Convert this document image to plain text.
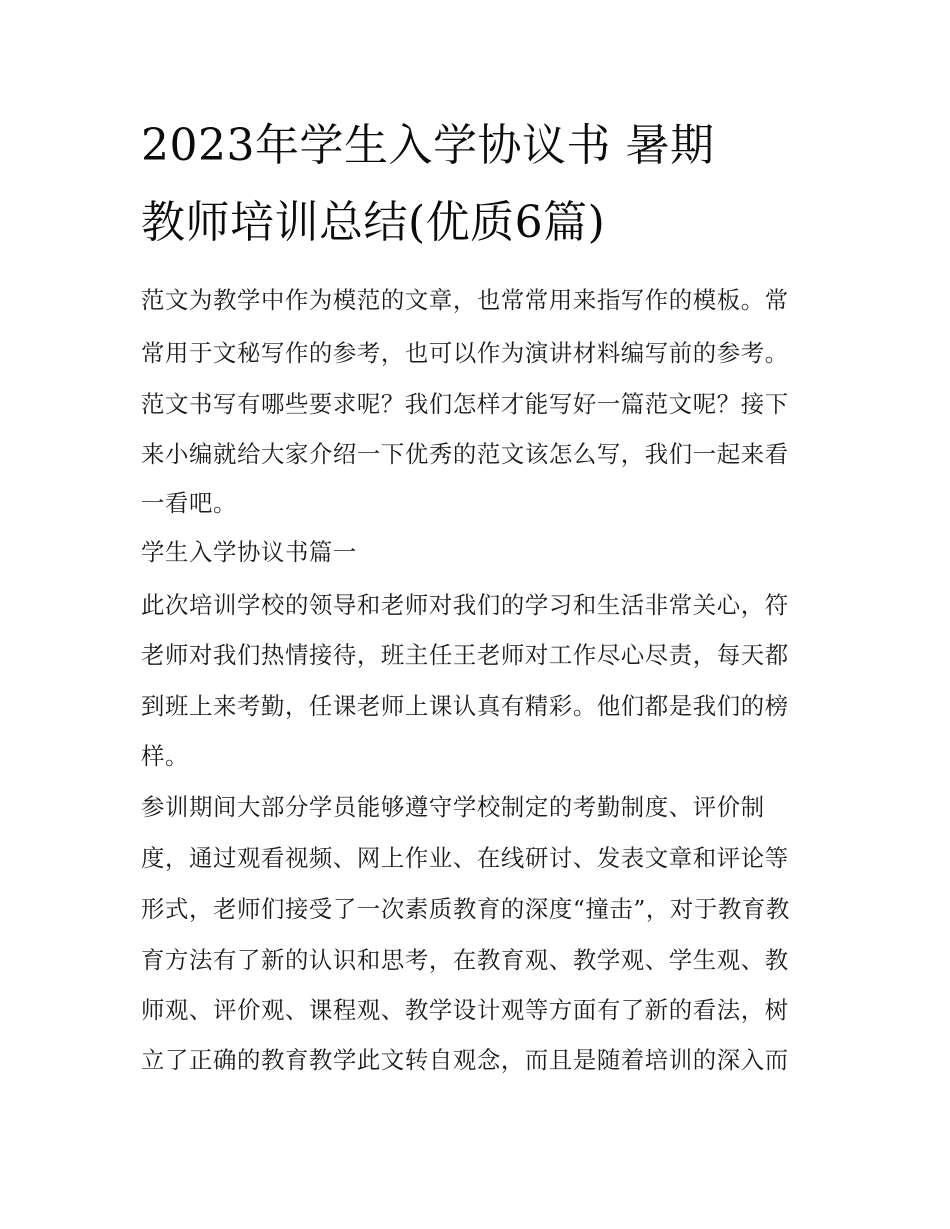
2023年学生入学协议书 暑期
教师培训总结(优质6篇)
范文为教学中作为模范的文章，也常常用来指写作的模板。常
常用于文秘写作的参考，也可以作为演讲材料编写前的参考。
范文书写有哪些要求呢？我们怎样才能写好一篇范文呢？接下
来小编就给大家介绍一下优秀的范文该怎么写，我们一起来看
一看吧。
学生入学协议书篇一
此次培训学校的领导和老师对我们的学习和生活非常关心，符
老师对我们热情接待，班主任王老师对工作尽心尽责，每天都
到班上来考勤，任课老师上课认真有精彩。他们都是我们的榜
样。
参训期间大部分学员能够遵守学校制定的考勤制度、评价制
度，通过观看视频、网上作业、在线研讨、发表文章和评论等
形式，老师们接受了一次素质教育的深度“撞击”，对于教育教
育方法有了新的认识和思考，在教育观、教学观、学生观、教
师观、评价观、课程观、教学设计观等方面有了新的看法，树
立了正确的教育教学此文转自观念，而且是随着培训的深入而
